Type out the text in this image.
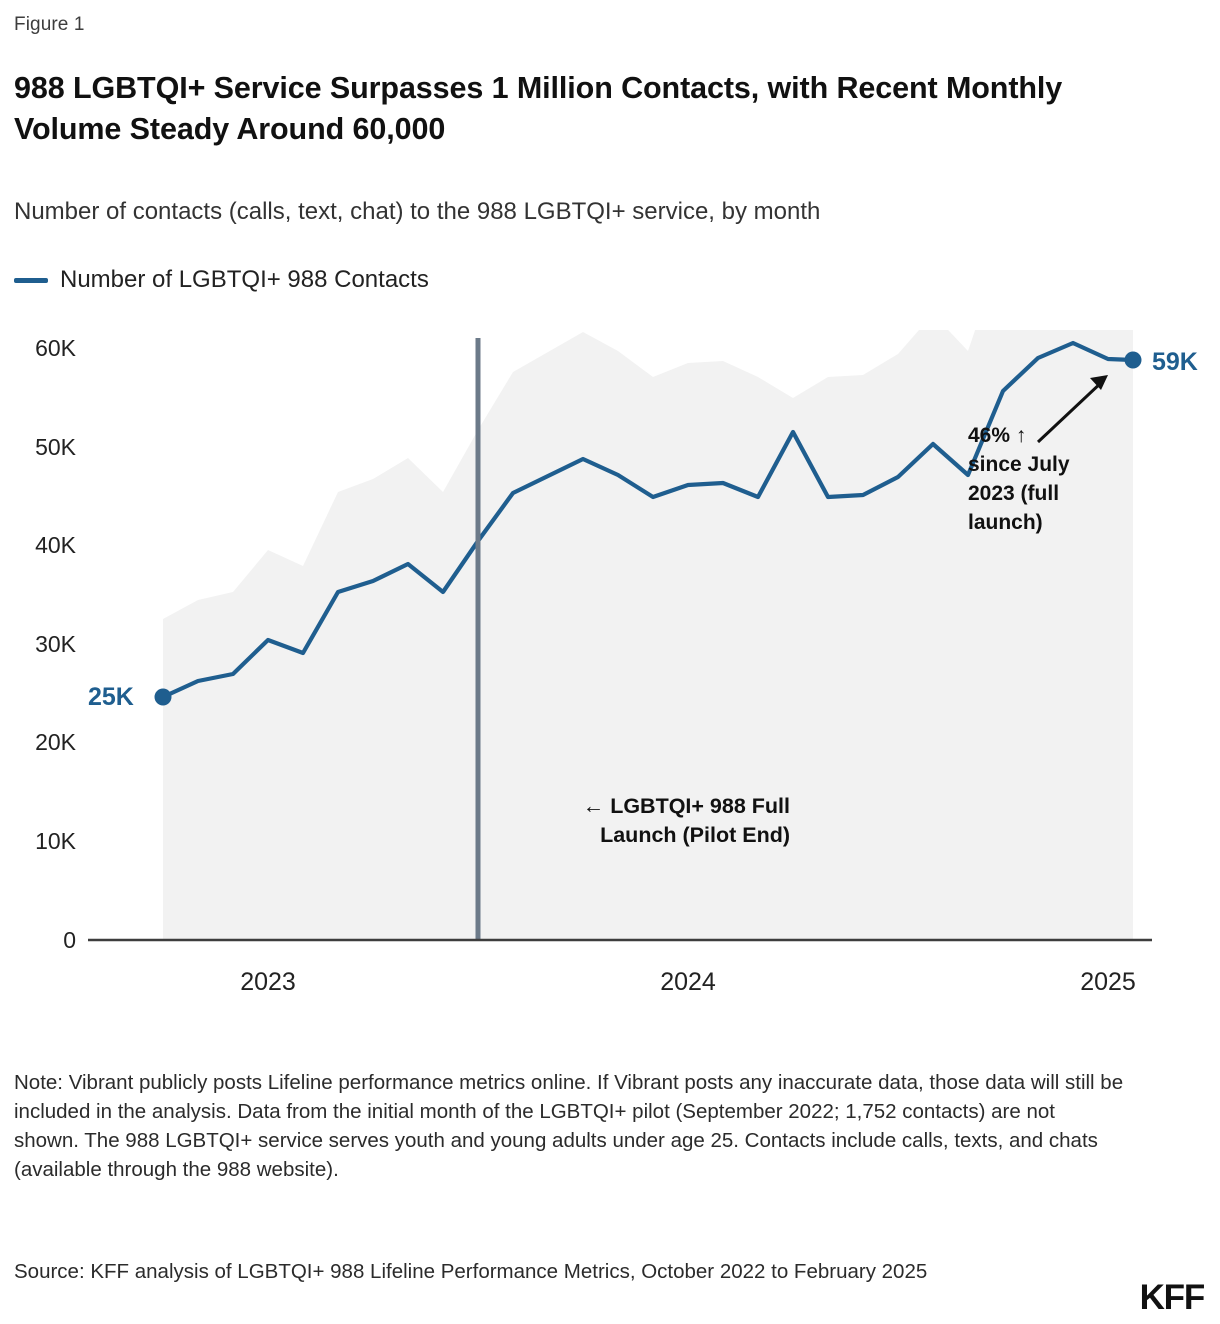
Figure 1
988 LGBTQI+ Service Surpasses 1 Million Contacts, with Recent Monthly Volume Steady Around 60,000
Number of contacts (calls, text, chat) to the 988 LGBTQI+ service, by month
Number of LGBTQI+ 988 Contacts
0
10K
20K
30K
40K
50K
60K
2023	2024	2025
25K
59K
46% ↑
since July
2023 (full
launch)
← LGBTQI+ 988 Full
Launch (Pilot End)
Note: Vibrant publicly posts Lifeline performance metrics online. If Vibrant posts any inaccurate data, those data will still be included in the analysis. Data from the initial month of the LGBTQI+ pilot (September 2022; 1,752 contacts) are not shown. The 988 LGBTQI+ service serves youth and young adults under age 25. Contacts include calls, texts, and chats (available through the 988 website).
Source: KFF analysis of LGBTQI+ 988 Lifeline Performance Metrics, October 2022 to February 2025
KFF
